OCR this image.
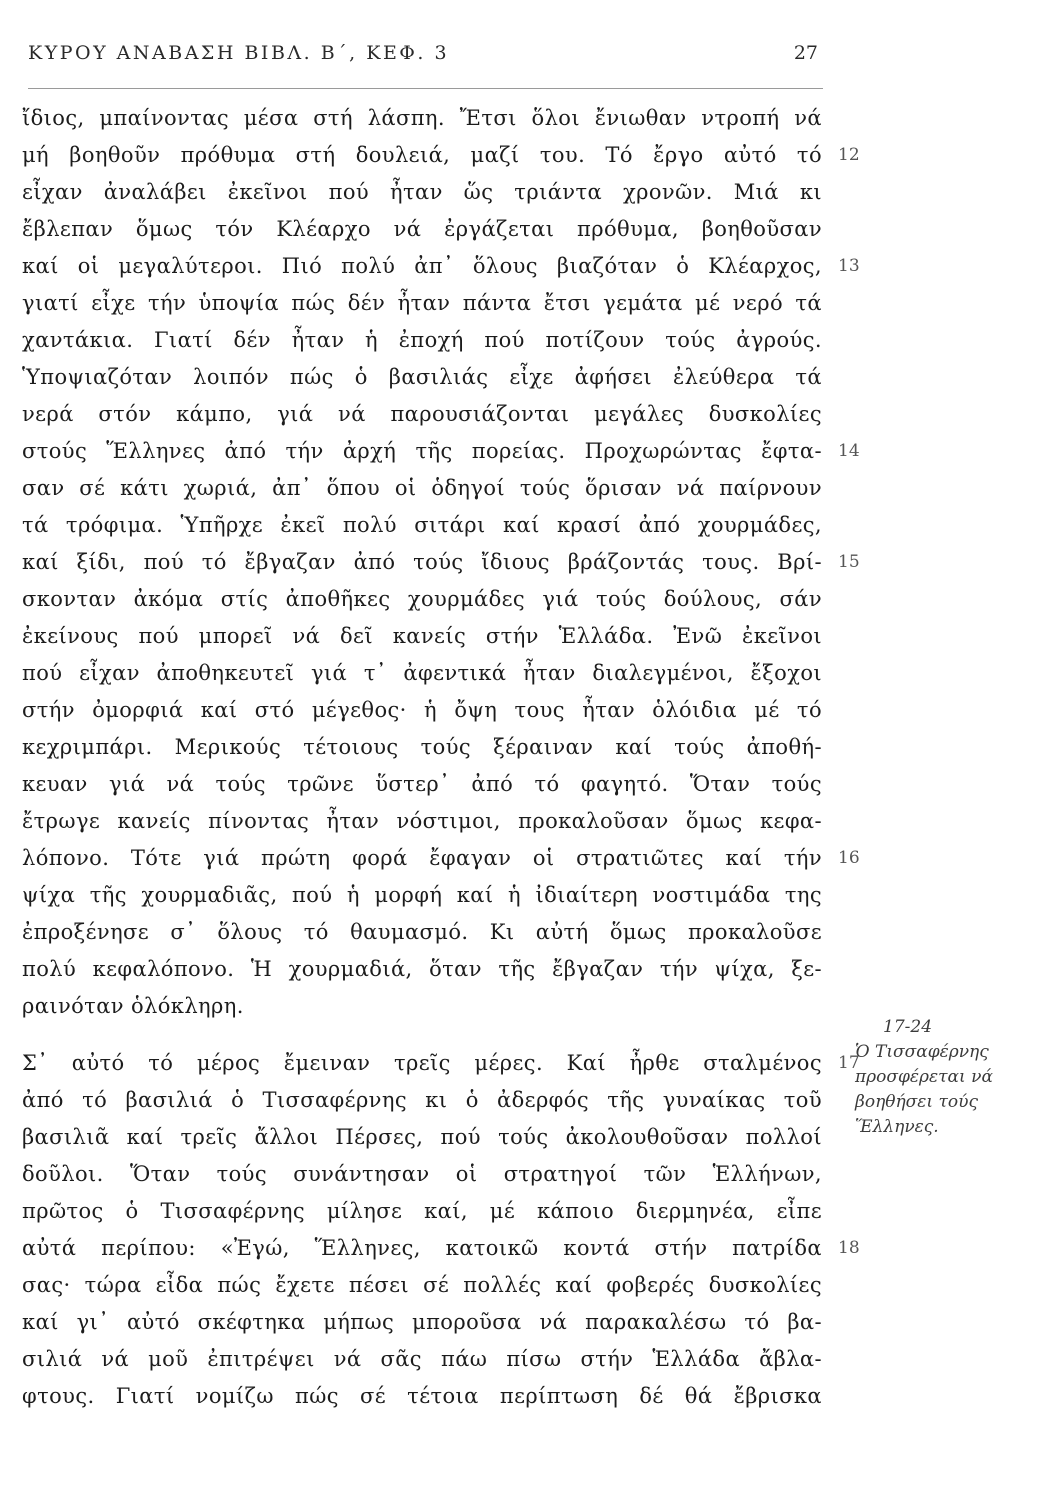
ΚΥΡΟΥ ΑΝΑΒΑΣΗ ΒΙΒΛ. Β΄, ΚΕΦ. 3	27
ἴδιος, μπαίνοντας μέσα στή λάσπη. Ἔτσι ὅλοι ἔνιωθαν ντροπή νά
μή βοηθοῦν πρόθυμα στή δουλειά, μαζί του. Τό ἔργο αὐτό τό
εἶχαν ἀναλάβει ἐκεῖνοι πού ἦταν ὥς τριάντα χρονῶν. Μιά κι
ἔβλεπαν ὅμως τόν Κλέαρχο νά ἐργάζεται πρόθυμα, βοηθοῦσαν
καί οἱ μεγαλύτεροι. Πιό πολύ ἀπ᾽ ὅλους βιαζόταν ὁ Κλέαρχος,
γιατί εἶχε τήν ὑποψία πώς δέν ἦταν πάντα ἔτσι γεμάτα μέ νερό τά
χαντάκια. Γιατί δέν ἦταν ἡ ἐποχή πού ποτίζουν τούς ἀγρούς.
Ὑποψιαζόταν λοιπόν πώς ὁ βασιλιάς εἶχε ἀφήσει ἐλεύθερα τά
νερά στόν κάμπο, γιά νά παρουσιάζονται μεγάλες δυσκολίες
στούς Ἕλληνες ἀπό τήν ἀρχή τῆς πορείας. Προχωρώντας ἔφτα-
σαν σέ κάτι χωριά, ἀπ᾽ ὅπου οἱ ὁδηγοί τούς ὅρισαν νά παίρνουν
τά τρόφιμα. Ὑπῆρχε ἐκεῖ πολύ σιτάρι καί κρασί ἀπό χουρμάδες,
καί ξίδι, πού τό ἔβγαζαν ἀπό τούς ἴδιους βράζοντάς τους. Βρί-
σκονταν ἀκόμα στίς ἀποθῆκες χουρμάδες γιά τούς δούλους, σάν
ἐκείνους πού μπορεῖ νά δεῖ κανείς στήν Ἑλλάδα. Ἐνῶ ἐκεῖνοι
πού εἶχαν ἀποθηκευτεῖ γιά τ᾽ ἀφεντικά ἦταν διαλεγμένοι, ἔξοχοι
στήν ὀμορφιά καί στό μέγεθος· ἡ ὄψη τους ἦταν ὁλόιδια μέ τό
κεχριμπάρι. Μερικούς τέτοιους τούς ξέραιναν καί τούς ἀποθή-
κευαν γιά νά τούς τρῶνε ὕστερ᾽ ἀπό τό φαγητό. Ὅταν τούς
ἔτρωγε κανείς πίνοντας ἦταν νόστιμοι, προκαλοῦσαν ὅμως κεφα-
λόπονο. Τότε γιά πρώτη φορά ἔφαγαν οἱ στρατιῶτες καί τήν
ψίχα τῆς χουρμαδιᾶς, πού ἡ μορφή καί ἡ ἰδιαίτερη νοστιμάδα της
ἐπροξένησε σ᾽ ὅλους τό θαυμασμό. Κι αὐτή ὅμως προκαλοῦσε
πολύ κεφαλόπονο. Ἡ χουρμαδιά, ὅταν τῆς ἔβγαζαν τήν ψίχα, ξε-
ραινόταν ὁλόκληρη.
Σ᾽ αὐτό τό μέρος ἔμειναν τρεῖς μέρες. Καί ἦρθε σταλμένος
ἀπό τό βασιλιά ὁ Τισσαφέρνης κι ὁ ἀδερφός τῆς γυναίκας τοῦ
βασιλιᾶ καί τρεῖς ἄλλοι Πέρσες, πού τούς ἀκολουθοῦσαν πολλοί
δοῦλοι. Ὅταν τούς συνάντησαν οἱ στρατηγοί τῶν Ἑλλήνων,
πρῶτος ὁ Τισσαφέρνης μίλησε καί, μέ κάποιο διερμηνέα, εἶπε
αὐτά περίπου: «Ἐγώ, Ἕλληνες, κατοικῶ κοντά στήν πατρίδα
σας· τώρα εἶδα πώς ἔχετε πέσει σέ πολλές καί φοβερές δυσκολίες
καί γι᾽ αὐτό σκέφτηκα μήπως μποροῦσα νά παρακαλέσω τό βα-
σιλιά νά μοῦ ἐπιτρέψει νά σᾶς πάω πίσω στήν Ἑλλάδα ἄβλα-
φτους. Γιατί νομίζω πώς σέ τέτοια περίπτωση δέ θά ἔβρισκα
12
13
14
15
16
17
18
17-24
Ὁ Τισσαφέρνης προσφέρεται νά βοηθήσει τούς Ἕλληνες.
